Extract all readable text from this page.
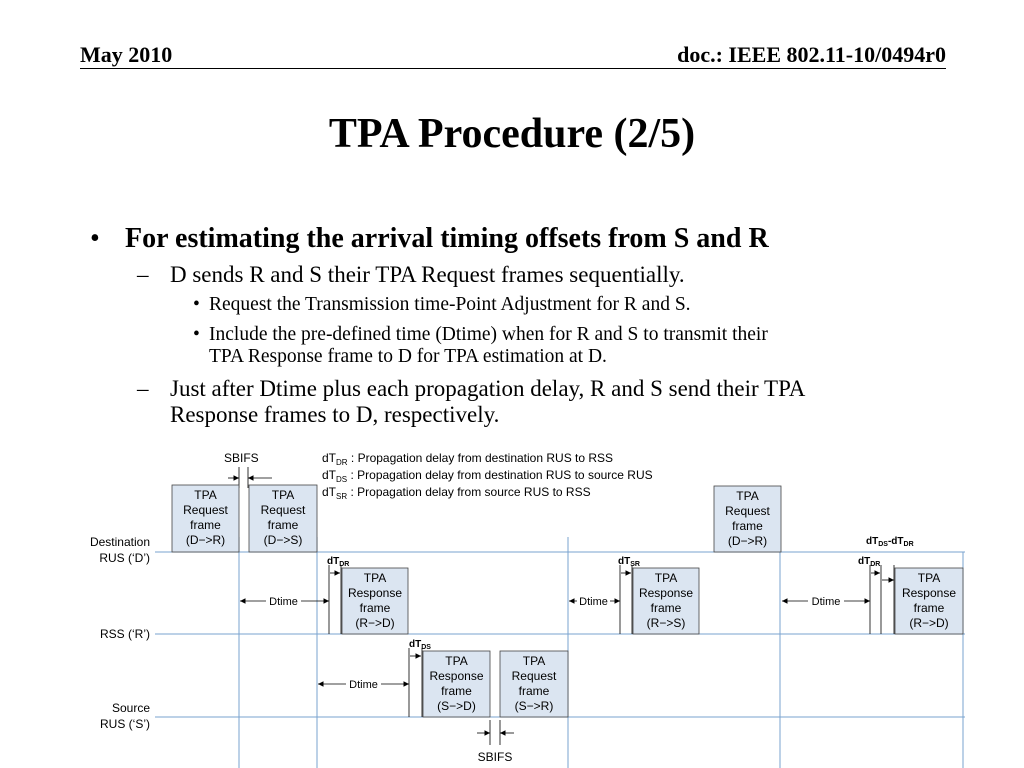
May 2010	doc.: IEEE 802.11-10/0494r0
TPA Procedure (2/5)
• For estimating the arrival timing offsets from S and R
– D sends R and S their TPA Request frames sequentially.
• Request the Transmission time-Point Adjustment for R and S.
• Include the pre-defined time (Dtime) when for R and S to transmit their
TPA Response frame to D for TPA estimation at D.
– Just after Dtime plus each propagation delay, R and S send their TPA
Response frames to D, respectively.
$dT_{DR}$ : Propagation delay from destination RUS to RSS
$dT_{DS}$ : Propagation delay from destination RUS to source RUS
$dT_{SR}$ : Propagation delay from source RUS to RSS
Destination
RUS (‘D’)
RSS (‘R’)
Source
RUS (‘S’)
SBIFS
TPA
Request
frame
(D−>R)
TPA
Request
frame
(D−>S)
TPA
Response
frame
(R−>D)
TPA
Response
frame
(S−>D)
TPA
Request
frame
(S−>R)
TPA
Response
frame
(R−>S)
TPA
Request
frame
(D−>R)
TPA
Response
frame
(R−>D)
Dtime
Dtime
Dtime	Dtime
$dT_{DR}$
$dT_{DS}$
$dT_{SR}$	$dT_{DR}$
$dT_{DS}-dT_{DR}$
SBIFS
